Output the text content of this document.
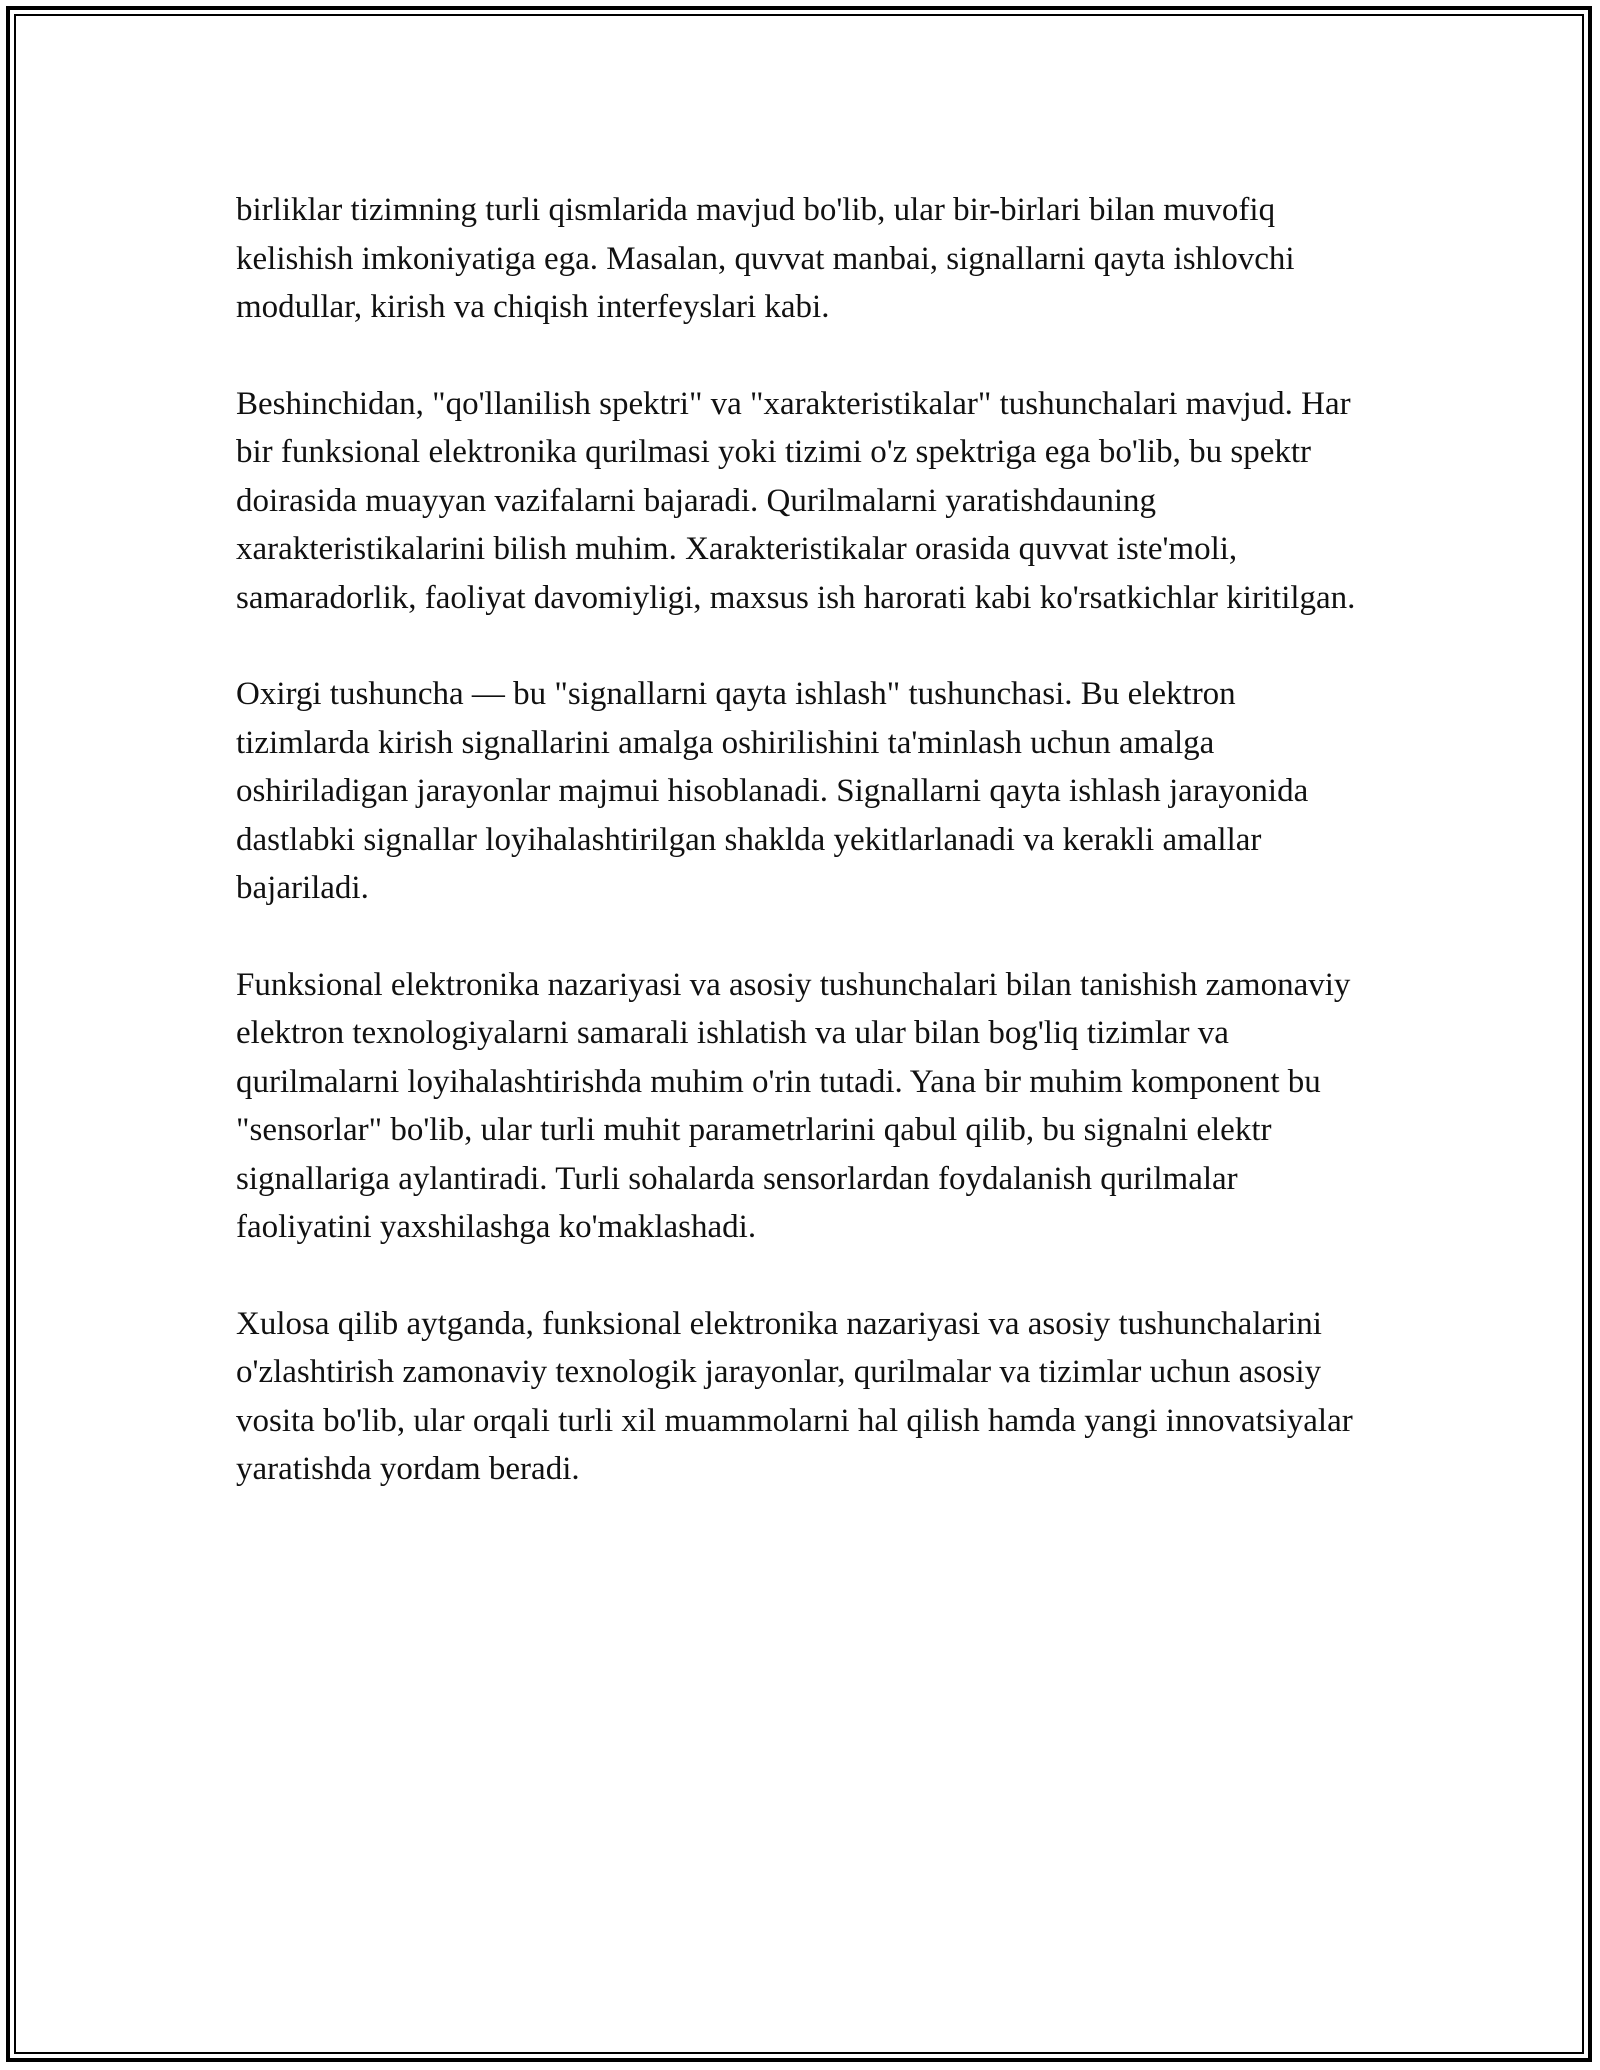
birliklar tizimning turli qismlarida mavjud bo'lib, ular bir-birlari bilan muvofiq kelishish imkoniyatiga ega. Masalan, quvvat manbai, signallarni qayta ishlovchi modullar, kirish va chiqish interfeyslari kabi.

Beshinchidan, "qo'llanilish spektri" va "xarakteristikalar" tushunchalari mavjud. Har bir funksional elektronika qurilmasi yoki tizimi o'z spektriga ega bo'lib, bu spektr doirasida muayyan vazifalarni bajaradi. Qurilmalarni yaratishdauning xarakteristikalarini bilish muhim. Xarakteristikalar orasida quvvat iste'moli, samaradorlik, faoliyat davomiyligi, maxsus ish harorati kabi ko'rsatkichlar kiritilgan.

Oxirgi tushuncha — bu "signallarni qayta ishlash" tushunchasi. Bu elektron tizimlarda kirish signallarini amalga oshirilishini ta'minlash uchun amalga oshiriladigan jarayonlar majmui hisoblanadi. Signallarni qayta ishlash jarayonida dastlabki signallar loyihalashtirilgan shakldа yekitlarlanadi va kerakli amallar bajariladi.

Funksional elektronika nazariyasi va asosiy tushunchalari bilan tanishish zamonaviy elektron texnologiyalarni samarali ishlatish va ular bilan bog'liq tizimlar va qurilmalarni loyihalashtirishda muhim o'rin tutadi. Yana bir muhim komponent bu "sensorlar" bo'lib, ular turli muhit parametrlarini qabul qilib, bu signalni elektr signallariga aylantiradi. Turli sohalarda sensorlardan foydalanish qurilmalar faoliyatini yaxshilashga ko'maklashadi.

Xulosa qilib aytganda, funksional elektronika nazariyasi va asosiy tushunchalarini o'zlashtirish zamonaviy texnologik jarayonlar, qurilmalar va tizimlar uchun asosiy vosita bo'lib, ular orqali turli xil muammolarni hal qilish hamda yangi innovatsiyalar yaratishda yordam beradi.
